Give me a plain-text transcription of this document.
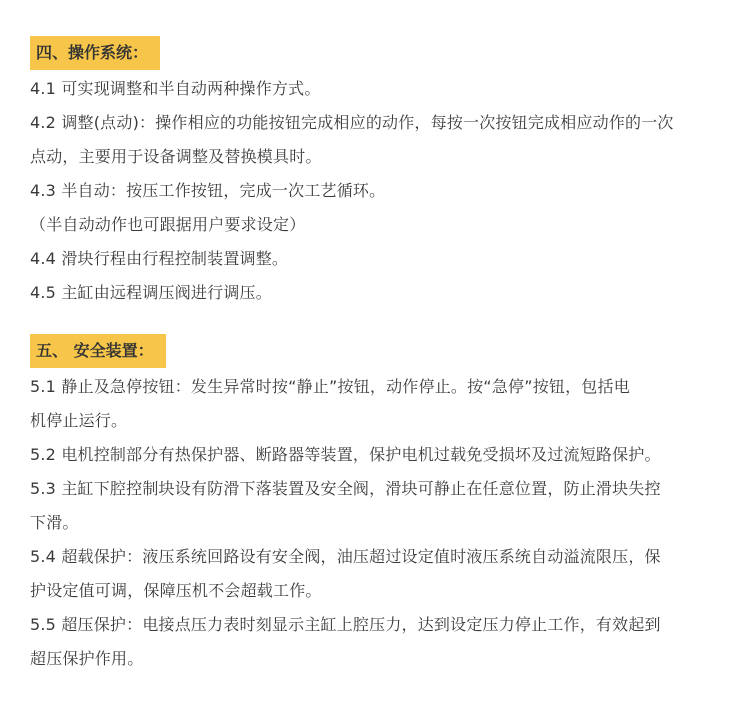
四、操作系统：
4.1 可实现调整和半自动两种操作方式。
4.2 调整(点动)：操作相应的功能按钮完成相应的动作，每按一次按钮完成相应动作的一次
点动，主要用于设备调整及替换模具时。
4.3 半自动：按压工作按钮，完成一次工艺循环。
（半自动动作也可跟据用户要求设定）
4.4 滑块行程由行程控制装置调整。
4.5 主缸由远程调压阀进行调压。
五、 安全装置：
5.1 静止及急停按钮：发生异常时按“静止”按钮，动作停止。按“急停”按钮，包括电
机停止运行。
5.2 电机控制部分有热保护器、断路器等装置，保护电机过载免受损坏及过流短路保护。
5.3 主缸下腔控制块设有防滑下落装置及安全阀，滑块可静止在任意位置，防止滑块失控
下滑。
5.4 超载保护：液压系统回路设有安全阀，油压超过设定值时液压系统自动溢流限压，保
护设定值可调，保障压机不会超载工作。
5.5 超压保护：电接点压力表时刻显示主缸上腔压力，达到设定压力停止工作，有效起到
超压保护作用。
